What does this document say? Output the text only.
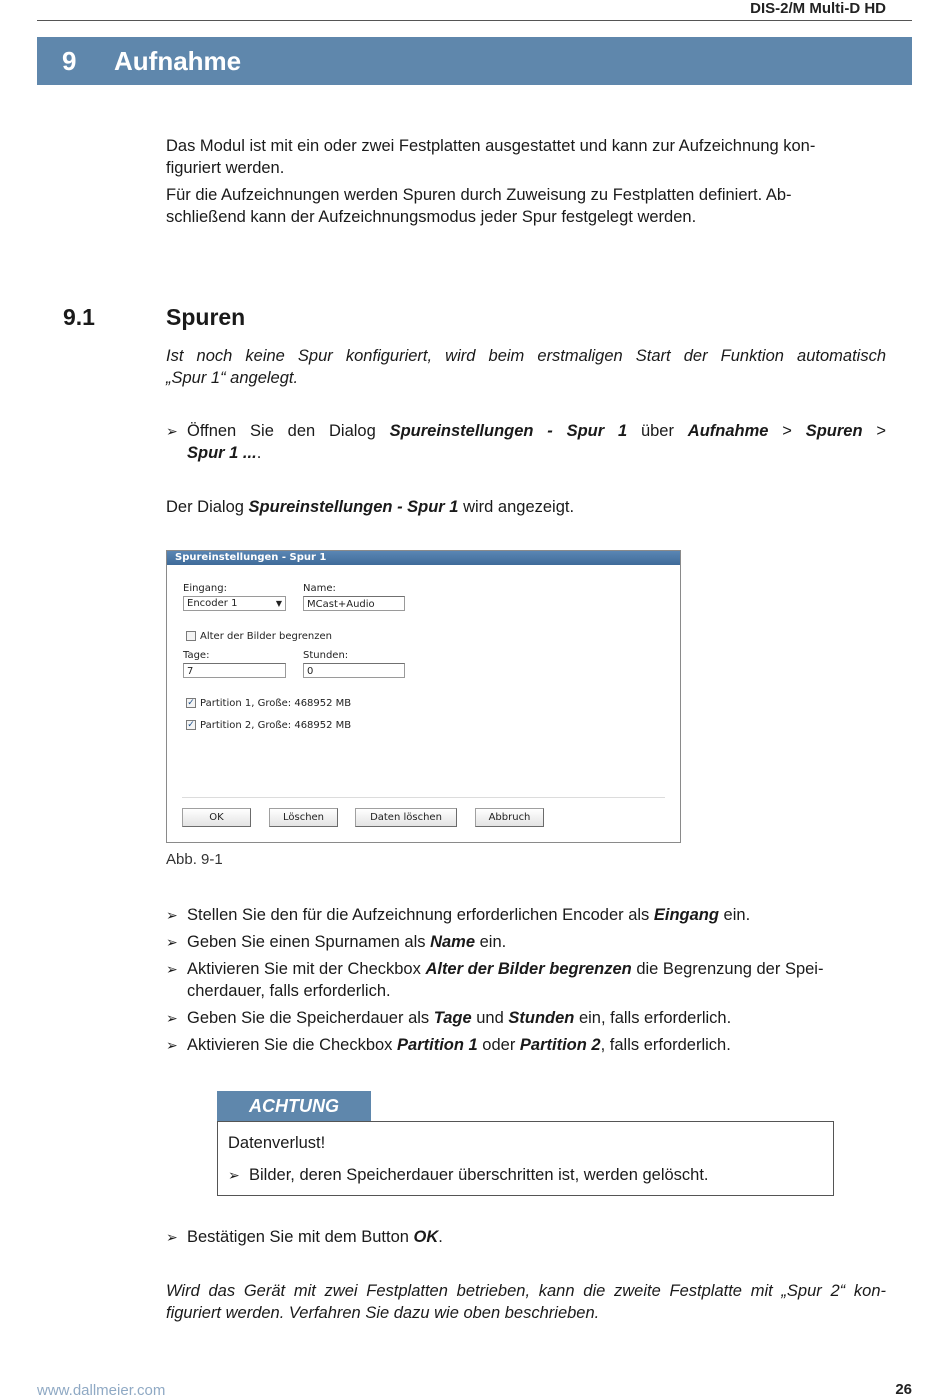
DIS-2/M Multi-D HD
9 Aufnahme
Das Modul ist mit ein oder zwei Festplatten ausgestattet und kann zur Aufzeichnung kon-
figuriert werden.
Für die Aufzeichnungen werden Spuren durch Zuweisung zu Festplatten definiert. Ab-
schließend kann der Aufzeichnungsmodus jeder Spur festgelegt werden.
9.1	Spuren
Ist noch keine Spur konfiguriert, wird beim erstmaligen Start der Funktion automatisch
„Spur 1“ angelegt.
➢ Öffnen Sie den Dialog Spureinstellungen - Spur 1 über Aufnahme > Spuren >
Spur 1 ....
Der Dialog Spureinstellungen - Spur 1 wird angezeigt.
Spureinstellungen - Spur 1
Eingang:
Encoder 1	▼
Name:
MCast+Audio
Alter der Bilder begrenzen
Tage:
7
Stunden:
0
✓ Partition 1, Große: 468952 MB
✓ Partition 2, Große: 468952 MB
OK	Löschen	Daten löschen	Abbruch
Abb. 9-1
➢ Stellen Sie den für die Aufzeichnung erforderlichen Encoder als Eingang ein.
➢ Geben Sie einen Spurnamen als Name ein.
➢ Aktivieren Sie mit der Checkbox Alter der Bilder begrenzen die Begrenzung der Spei-
cherdauer, falls erforderlich.
➢ Geben Sie die Speicherdauer als Tage und Stunden ein, falls erforderlich.
➢ Aktivieren Sie die Checkbox Partition 1 oder Partition 2, falls erforderlich.
ACHTUNG
Datenverlust!
➢ Bilder, deren Speicherdauer überschritten ist, werden gelöscht.
➢ Bestätigen Sie mit dem Button OK.
Wird das Gerät mit zwei Festplatten betrieben, kann die zweite Festplatte mit „Spur 2“ kon-
figuriert werden. Verfahren Sie dazu wie oben beschrieben.
www.dallmeier.com	26
